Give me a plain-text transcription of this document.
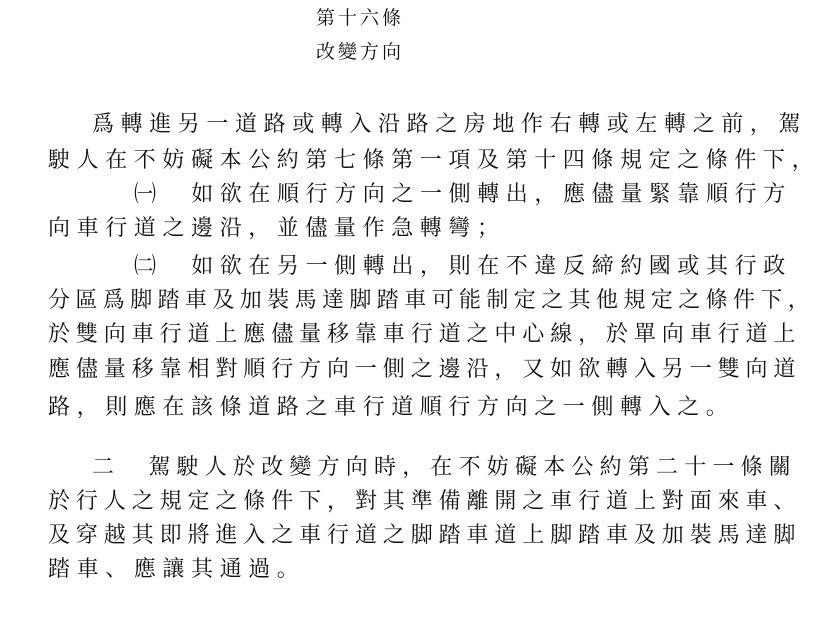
第十六條
改變方向
爲轉進另一道路或轉入沿路之房地作右轉或左轉之前，駕
駛人在不妨礙本公約第七條第一項及第十四條規定之條件下，
㈠　如欲在順行方向之一側轉出，應儘量緊靠順行方
向車行道之邊沿，並儘量作急轉彎；
㈡　如欲在另一側轉出，則在不違反締約國或其行政
分區爲脚踏車及加裝馬達脚踏車可能制定之其他規定之條件下，
於雙向車行道上應儘量移靠車行道之中心線，於單向車行道上
應儘量移靠相對順行方向一側之邊沿，又如欲轉入另一雙向道
路，則應在該條道路之車行道順行方向之一側轉入之。
二　駕駛人於改變方向時，在不妨礙本公約第二十一條關
於行人之規定之條件下，對其準備離開之車行道上對面來車、
及穿越其即將進入之車行道之脚踏車道上脚踏車及加裝馬達脚
踏車、應讓其通過。
